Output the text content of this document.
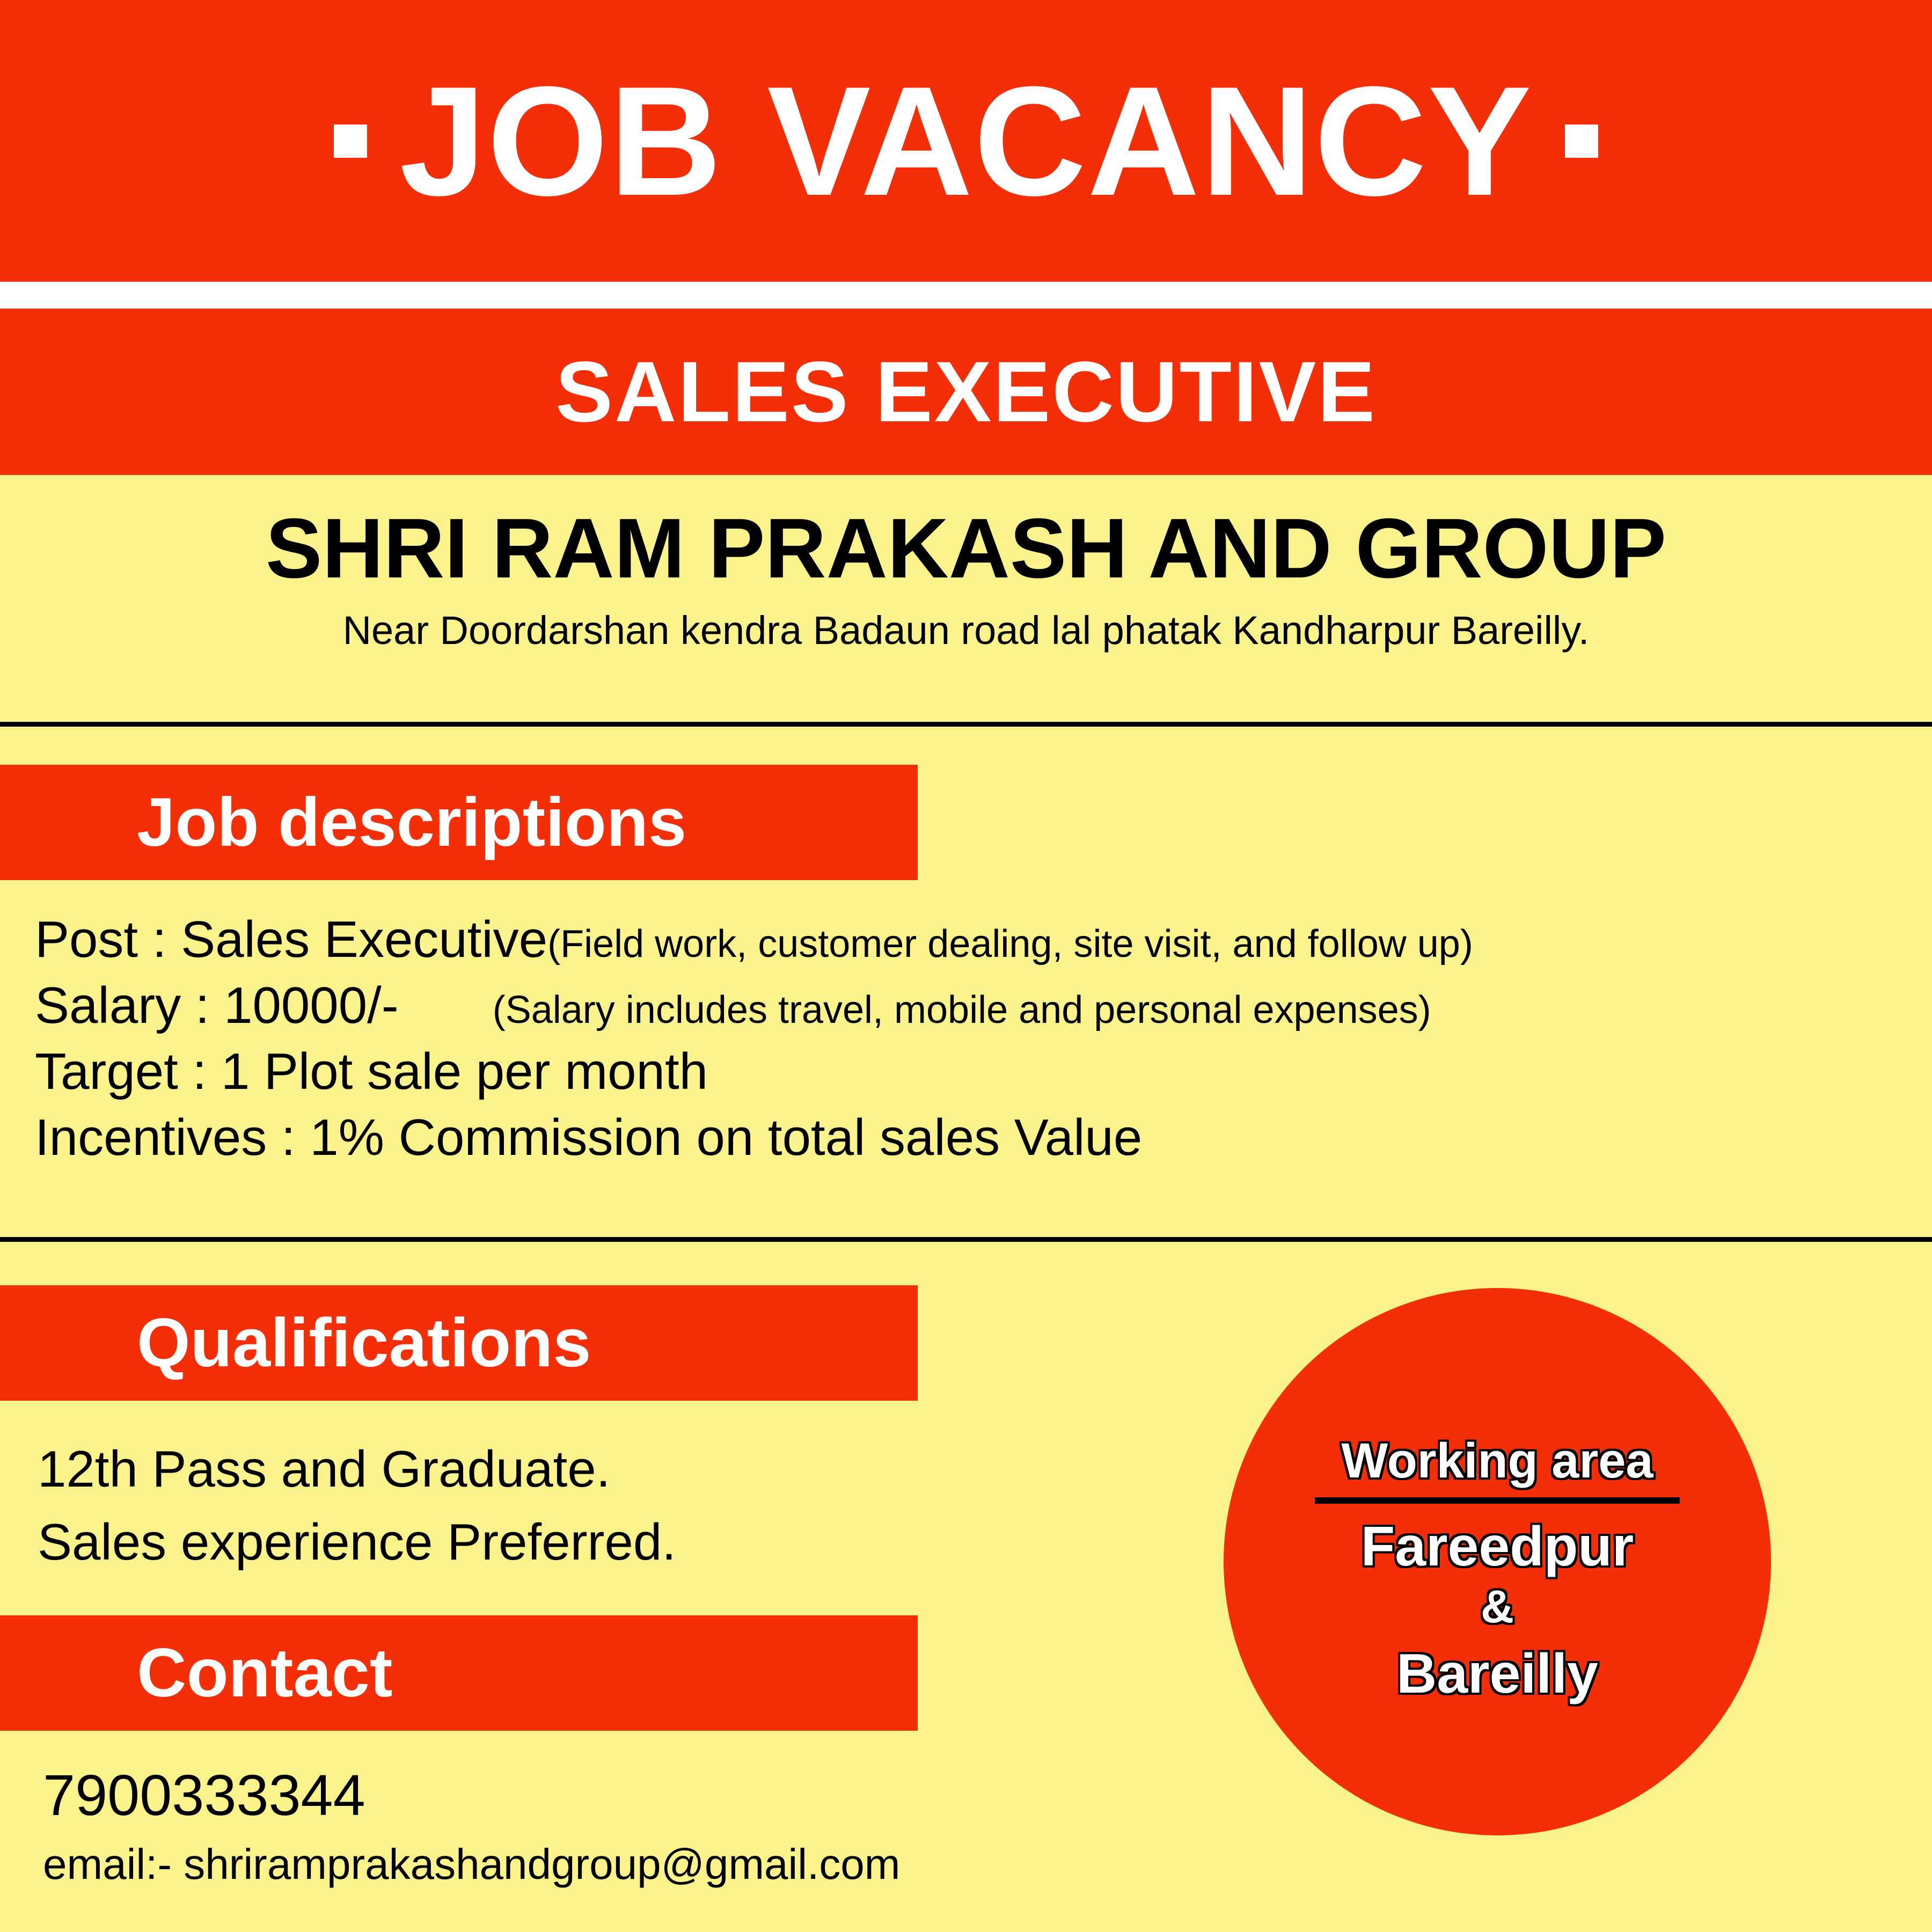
JOB VACANCY
SALES EXECUTIVE
SHRI RAM PRAKASH AND GROUP
Near Doordarshan kendra Badaun road lal phatak Kandharpur Bareilly.
Job descriptions
Post : Sales Executive(Field work, customer dealing, site visit, and follow up)
Salary : 10000/- (Salary includes travel, mobile and personal expenses)
Target : 1 Plot sale per month
Incentives : 1% Commission on total sales Value
Qualifications
12th Pass and Graduate.
Sales experience Preferred.
Contact
7900333344
email:- shriramprakashandgroup@gmail.com
Working area
Fareedpur
&
Bareilly
